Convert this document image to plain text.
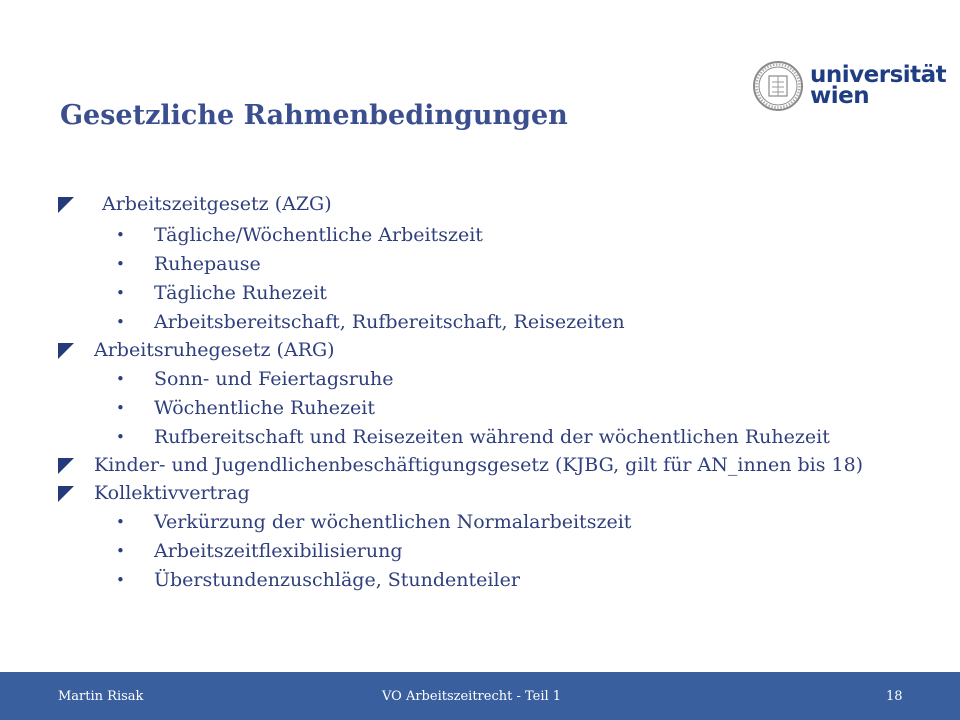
universität
wien
Gesetzliche Rahmenbedingungen
Arbeitszeitgesetz (AZG)
• Tägliche/Wöchentliche Arbeitszeit
• Ruhepause
• Tägliche Ruhezeit
• Arbeitsbereitschaft, Rufbereitschaft, Reisezeiten
Arbeitsruhegesetz (ARG)
• Sonn- und Feiertagsruhe
• Wöchentliche Ruhezeit
• Rufbereitschaft und Reisezeiten während der wöchentlichen Ruhezeit
Kinder- und Jugendlichenbeschäftigungsgesetz (KJBG, gilt für AN_innen bis 18)
Kollektivvertrag
• Verkürzung der wöchentlichen Normalarbeitszeit
• Arbeitszeitflexibilisierung
• Überstundenzuschläge, Stundenteiler
Martin Risak	VO Arbeitszeitrecht - Teil 1	18
